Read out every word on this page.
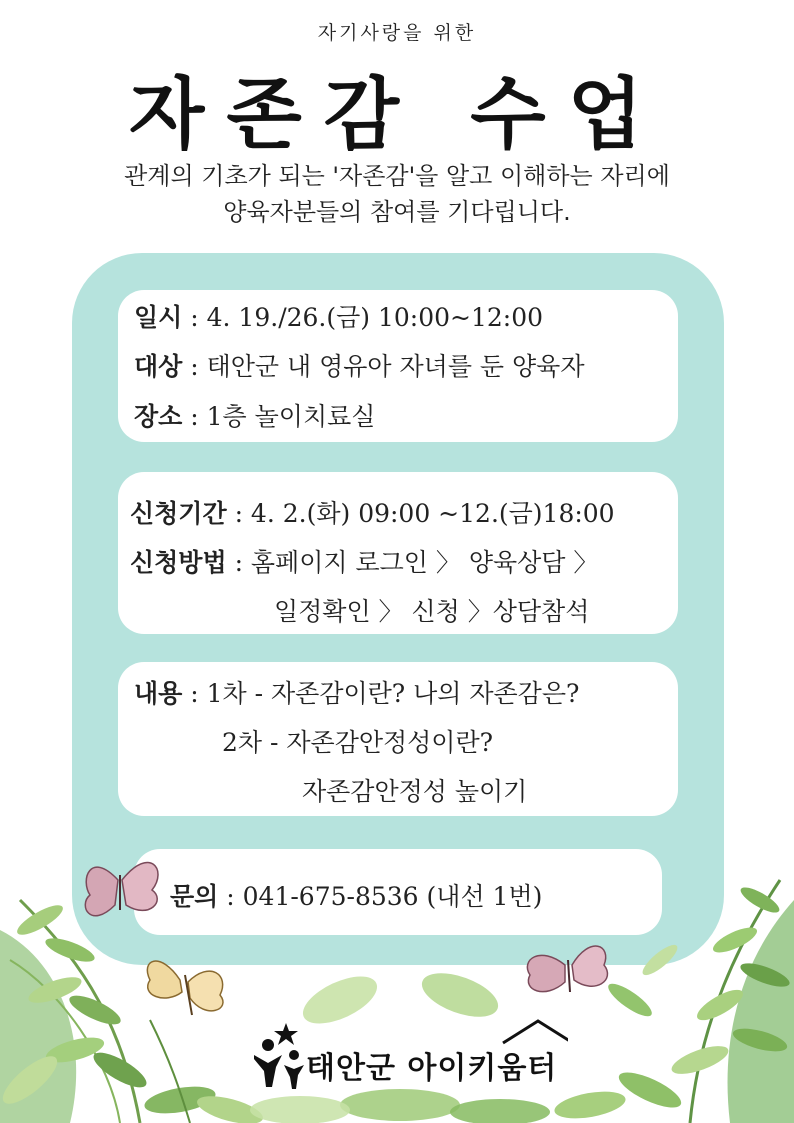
자기사랑을 위한
자존감 수업
관계의 기초가 되는 '자존감'을 알고 이해하는 자리에
양육자분들의 참여를 기다립니다.
일시 : 4. 19./26.(금) 10:00~12:00
대상 : 태안군 내 영유아 자녀를 둔 양육자
장소 : 1층 놀이치료실
신청기간 : 4. 2.(화) 09:00 ~12.(금)18:00
신청방법 : 홈페이지 로그인 〉 양육상담 〉
일정확인 〉 신청 〉상담참석
내용 : 1차 - 자존감이란? 나의 자존감은?
2차 - 자존감안정성이란?
자존감안정성 높이기
문의 : 041-675-8536 (내선 1번)
태안군 아이키움터
